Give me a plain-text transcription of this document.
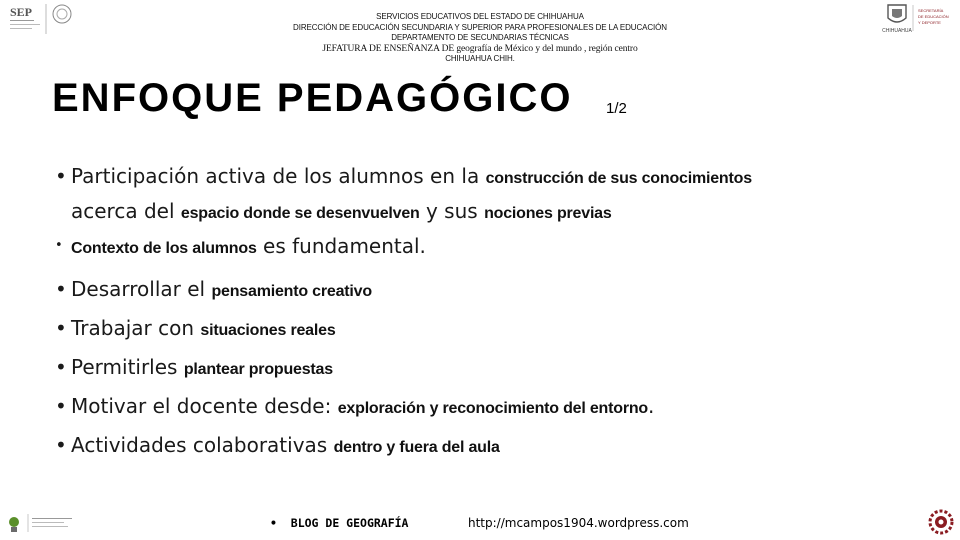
SEP
CHIHUAHUA
SECRETARÍA
DE EDUCACIÓN
Y DEPORTE
SERVICIOS EDUCATIVOS DEL ESTADO DE CHIHUAHUA
DIRECCIÓN DE EDUCACIÓN SECUNDARIA Y SUPERIOR PARA PROFESIONALES DE LA EDUCACIÓN
DEPARTAMENTO DE SECUNDARIAS TÉCNICAS
JEFATURA DE ENSEÑANZA DE geografía de México y del mundo , región centro
CHIHUAHUA CHIH.
ENFOQUE PEDAGÓGICO 1/2
• Participación activa de los alumnos en la construcción de sus conocimientos
acerca del espacio donde se desenvuelven y sus nociones previas
• Contexto de los alumnos es fundamental.
• Desarrollar el pensamiento creativo
• Trabajar con situaciones reales
• Permitirles plantear propuestas
• Motivar el docente desde: exploración y reconocimiento del entorno.
• Actividades colaborativas dentro y fuera del aula
•  BLOG DE GEOGRAFÍA	http://mcampos1904.wordpress.com
